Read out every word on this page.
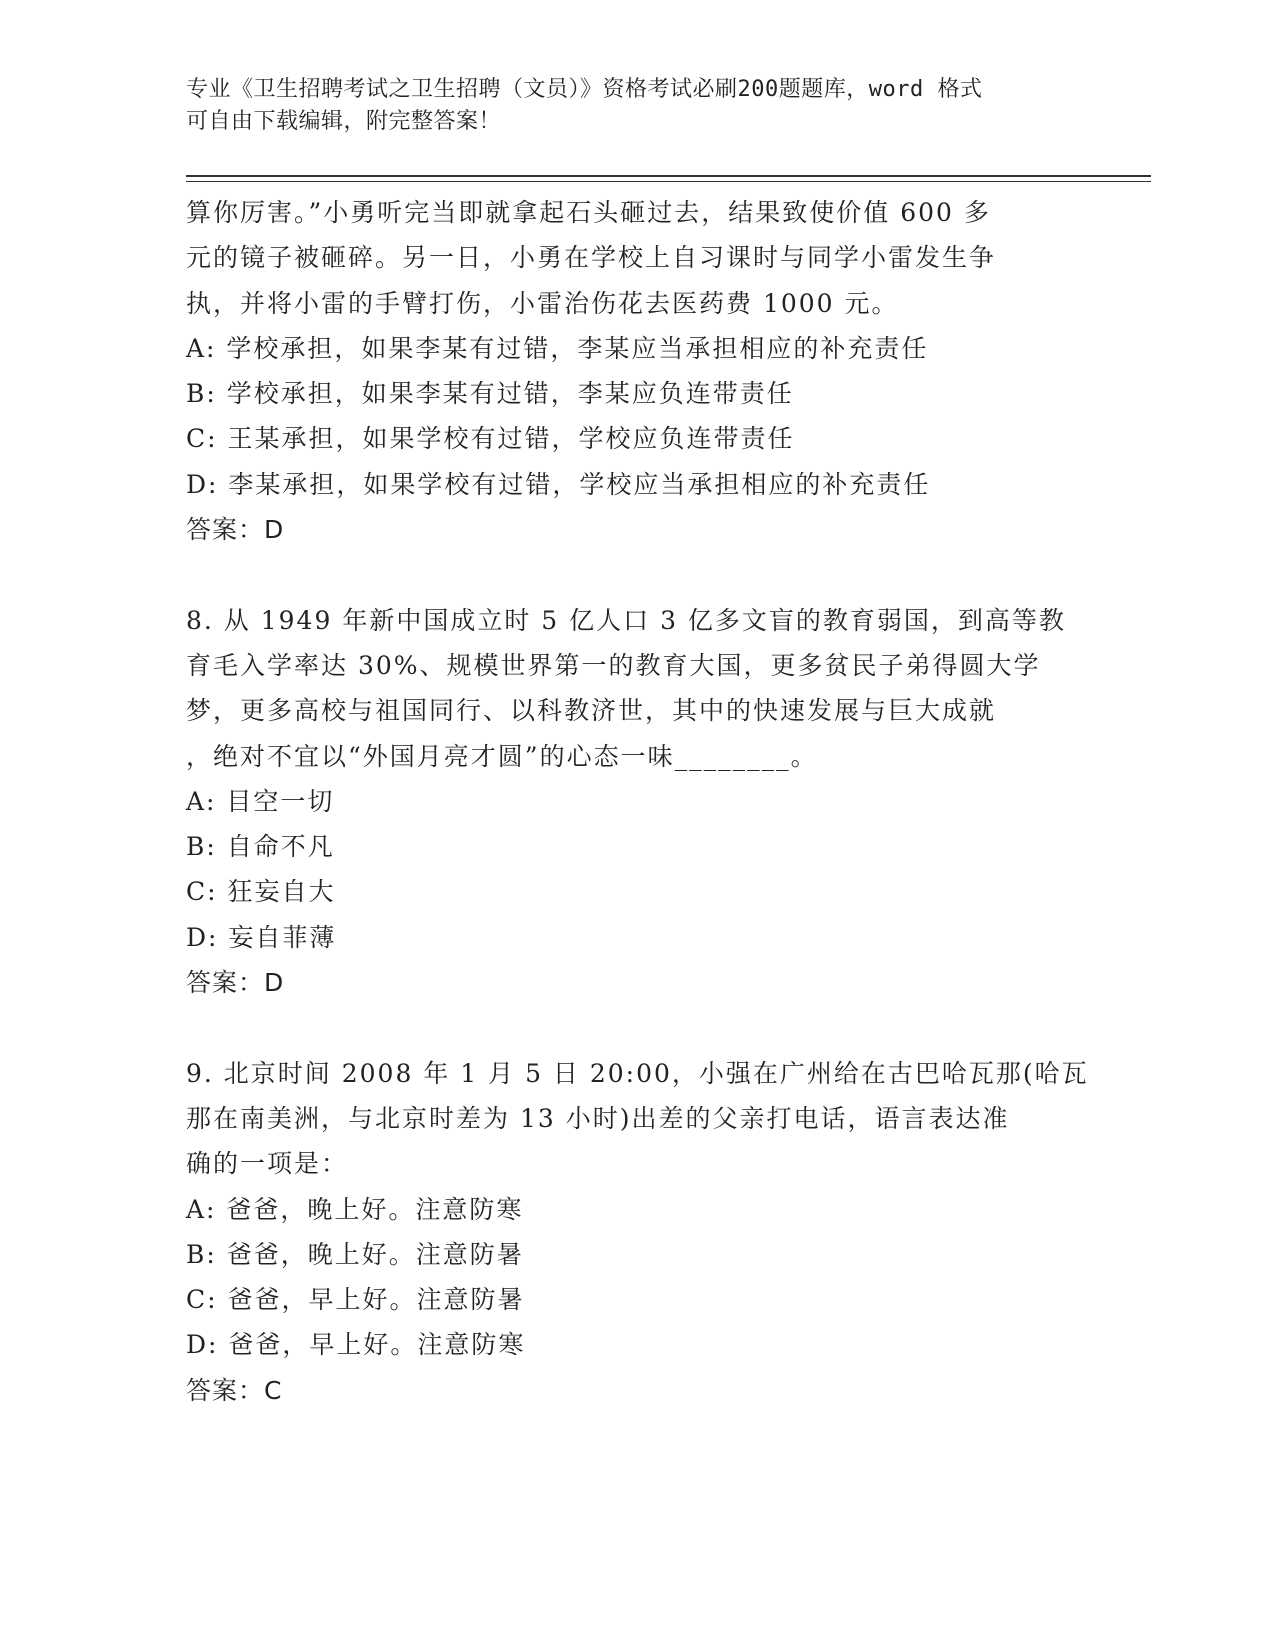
专业《卫生招聘考试之卫生招聘（文员）》资格考试必刷200题题库，word 格式
可自由下载编辑，附完整答案！
算你厉害。”小勇听完当即就拿起石头砸过去，结果致使价值 600 多
元的镜子被砸碎。另一日，小勇在学校上自习课时与同学小雷发生争
执，并将小雷的手臂打伤，小雷治伤花去医药费 1000 元。
A: 学校承担，如果李某有过错，李某应当承担相应的补充责任
B: 学校承担，如果李某有过错，李某应负连带责任
C: 王某承担，如果学校有过错，学校应负连带责任
D: 李某承担，如果学校有过错，学校应当承担相应的补充责任
答案：D
8. 从 1949 年新中国成立时 5 亿人口 3 亿多文盲的教育弱国，到高等教
育毛入学率达 30%、规模世界第一的教育大国，更多贫民子弟得圆大学
梦，更多高校与祖国同行、以科教济世，其中的快速发展与巨大成就
，绝对不宜以“外国月亮才圆”的心态一味________。
A: 目空一切
B: 自命不凡
C: 狂妄自大
D: 妄自菲薄
答案：D
9. 北京时间 2008 年 1 月 5 日 20:00，小强在广州给在古巴哈瓦那(哈瓦
那在南美洲，与北京时差为 13 小时)出差的父亲打电话，语言表达准
确的一项是：
A: 爸爸，晚上好。注意防寒
B: 爸爸，晚上好。注意防暑
C: 爸爸，早上好。注意防暑
D: 爸爸，早上好。注意防寒
答案：C
